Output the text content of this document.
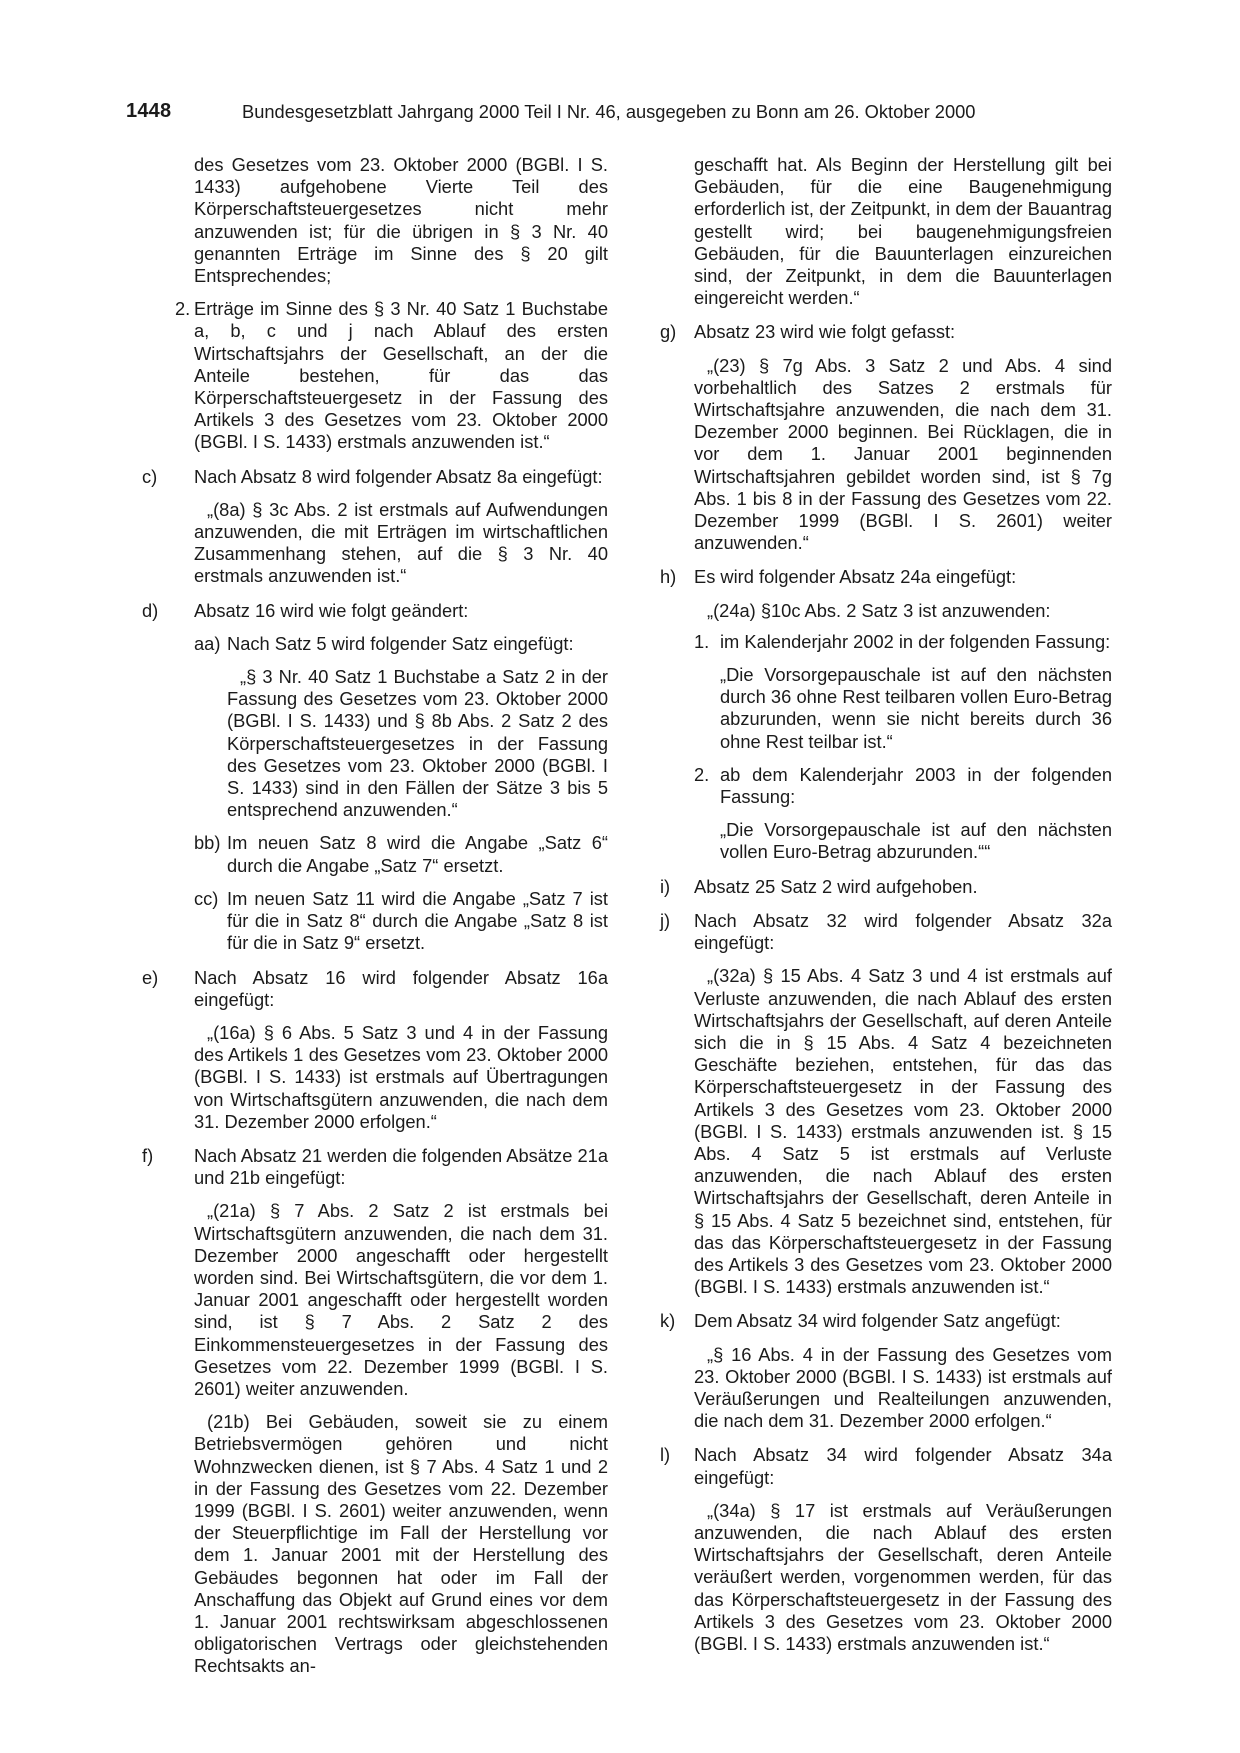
1448	Bundesgesetzblatt Jahrgang 2000 Teil I Nr. 46, ausgegeben zu Bonn am 26. Oktober 2000

des Gesetzes vom 23. Oktober 2000 (BGBl. I S. 1433) aufgehobene Vierte Teil des Körperschaftsteuergesetzes nicht mehr anzuwenden ist; für die übrigen in § 3 Nr. 40 genannten Erträge im Sinne des § 20 gilt Entsprechendes;

2. Erträge im Sinne des § 3 Nr. 40 Satz 1 Buchstabe a, b, c und j nach Ablauf des ersten Wirtschaftsjahrs der Gesellschaft, an der die Anteile bestehen, für das das Körperschaftsteuergesetz in der Fassung des Artikels 3 des Gesetzes vom 23. Oktober 2000 (BGBl. I S. 1433) erstmals anzuwenden ist.“

c) Nach Absatz 8 wird folgender Absatz 8a eingefügt:

„(8a) § 3c Abs. 2 ist erstmals auf Aufwendungen anzuwenden, die mit Erträgen im wirtschaftlichen Zusammenhang stehen, auf die § 3 Nr. 40 erstmals anzuwenden ist.“

d) Absatz 16 wird wie folgt geändert:

aa) Nach Satz 5 wird folgender Satz eingefügt:

„§ 3 Nr. 40 Satz 1 Buchstabe a Satz 2 in der Fassung des Gesetzes vom 23. Oktober 2000 (BGBl. I S. 1433) und § 8b Abs. 2 Satz 2 des Körperschaftsteuergesetzes in der Fassung des Gesetzes vom 23. Oktober 2000 (BGBl. I S. 1433) sind in den Fällen der Sätze 3 bis 5 entsprechend anzuwenden.“

bb) Im neuen Satz 8 wird die Angabe „Satz 6“ durch die Angabe „Satz 7“ ersetzt.

cc) Im neuen Satz 11 wird die Angabe „Satz 7 ist für die in Satz 8“ durch die Angabe „Satz 8 ist für die in Satz 9“ ersetzt.

e) Nach Absatz 16 wird folgender Absatz 16a eingefügt:

„(16a) § 6 Abs. 5 Satz 3 und 4 in der Fassung des Artikels 1 des Gesetzes vom 23. Oktober 2000 (BGBl. I S. 1433) ist erstmals auf Übertragungen von Wirtschaftsgütern anzuwenden, die nach dem 31. Dezember 2000 erfolgen.“

f) Nach Absatz 21 werden die folgenden Absätze 21a und 21b eingefügt:

„(21a) § 7 Abs. 2 Satz 2 ist erstmals bei Wirtschaftsgütern anzuwenden, die nach dem 31. Dezember 2000 angeschafft oder hergestellt worden sind. Bei Wirtschaftsgütern, die vor dem 1. Januar 2001 angeschafft oder hergestellt worden sind, ist § 7 Abs. 2 Satz 2 des Einkommensteuergesetzes in der Fassung des Gesetzes vom 22. Dezember 1999 (BGBl. I S. 2601) weiter anzuwenden.

(21b) Bei Gebäuden, soweit sie zu einem Betriebsvermögen gehören und nicht Wohnzwecken dienen, ist § 7 Abs. 4 Satz 1 und 2 in der Fassung des Gesetzes vom 22. Dezember 1999 (BGBl. I S. 2601) weiter anzuwenden, wenn der Steuerpflichtige im Fall der Herstellung vor dem 1. Januar 2001 mit der Herstellung des Gebäudes begonnen hat oder im Fall der Anschaffung das Objekt auf Grund eines vor dem 1. Januar 2001 rechtswirksam abgeschlossenen obligatorischen Vertrags oder gleichstehenden Rechtsakts an-

geschafft hat. Als Beginn der Herstellung gilt bei Gebäuden, für die eine Baugenehmigung erforderlich ist, der Zeitpunkt, in dem der Bauantrag gestellt wird; bei baugenehmigungsfreien Gebäuden, für die Bauunterlagen einzureichen sind, der Zeitpunkt, in dem die Bauunterlagen eingereicht werden.“

g) Absatz 23 wird wie folgt gefasst:

„(23) § 7g Abs. 3 Satz 2 und Abs. 4 sind vorbehaltlich des Satzes 2 erstmals für Wirtschaftsjahre anzuwenden, die nach dem 31. Dezember 2000 beginnen. Bei Rücklagen, die in vor dem 1. Januar 2001 beginnenden Wirtschaftsjahren gebildet worden sind, ist § 7g Abs. 1 bis 8 in der Fassung des Gesetzes vom 22. Dezember 1999 (BGBl. I S. 2601) weiter anzuwenden.“

h) Es wird folgender Absatz 24a eingefügt:

„(24a) §10c Abs. 2 Satz 3 ist anzuwenden:

1. im Kalenderjahr 2002 in der folgenden Fassung:

„Die Vorsorgepauschale ist auf den nächsten durch 36 ohne Rest teilbaren vollen Euro-Betrag abzurunden, wenn sie nicht bereits durch 36 ohne Rest teilbar ist.“

2. ab dem Kalenderjahr 2003 in der folgenden Fassung:

„Die Vorsorgepauschale ist auf den nächsten vollen Euro-Betrag abzurunden.““

i) Absatz 25 Satz 2 wird aufgehoben.

j) Nach Absatz 32 wird folgender Absatz 32a eingefügt:

„(32a) § 15 Abs. 4 Satz 3 und 4 ist erstmals auf Verluste anzuwenden, die nach Ablauf des ersten Wirtschaftsjahrs der Gesellschaft, auf deren Anteile sich die in § 15 Abs. 4 Satz 4 bezeichneten Geschäfte beziehen, entstehen, für das das Körperschaftsteuergesetz in der Fassung des Artikels 3 des Gesetzes vom 23. Oktober 2000 (BGBl. I S. 1433) erstmals anzuwenden ist. § 15 Abs. 4 Satz 5 ist erstmals auf Verluste anzuwenden, die nach Ablauf des ersten Wirtschaftsjahrs der Gesellschaft, deren Anteile in § 15 Abs. 4 Satz 5 bezeichnet sind, entstehen, für das das Körperschaftsteuergesetz in der Fassung des Artikels 3 des Gesetzes vom 23. Oktober 2000 (BGBl. I S. 1433) erstmals anzuwenden ist.“

k) Dem Absatz 34 wird folgender Satz angefügt:

„§ 16 Abs. 4 in der Fassung des Gesetzes vom 23. Oktober 2000 (BGBl. I S. 1433) ist erstmals auf Veräußerungen und Realteilungen anzuwenden, die nach dem 31. Dezember 2000 erfolgen.“

l) Nach Absatz 34 wird folgender Absatz 34a eingefügt:

„(34a) § 17 ist erstmals auf Veräußerungen anzuwenden, die nach Ablauf des ersten Wirtschaftsjahrs der Gesellschaft, deren Anteile veräußert werden, vorgenommen werden, für das das Körperschaftsteuergesetz in der Fassung des Artikels 3 des Gesetzes vom 23. Oktober 2000 (BGBl. I S. 1433) erstmals anzuwenden ist.“
